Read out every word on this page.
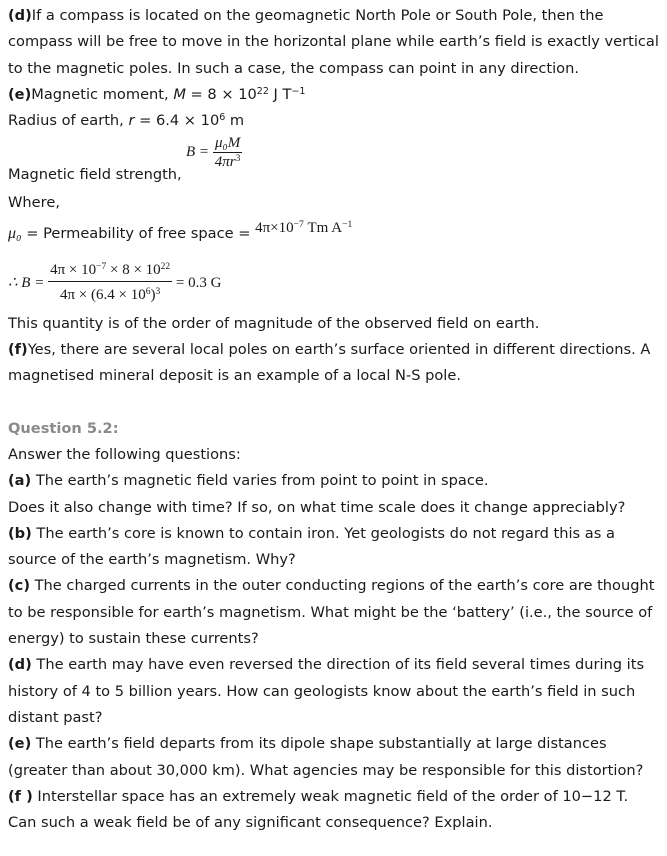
(d)If a compass is located on the geomagnetic North Pole or South Pole, then the
compass will be free to move in the horizontal plane while earth’s field is exactly vertical
to the magnetic poles. In such a case, the compass can point in any direction.
(e)Magnetic moment, $M = 8 \times 10^{22}$ J $T^{-1}$
Radius of earth, $r = 6.4 \times 10^6$ m
$B = \frac{\text{μ₀M}}{4\pi r^3}$
Magnetic field strength,
Where,
μ₀ = Permeability of free space = $4\pi\times 10^{-7}$ Tm $A^{-1}$
∴ $B = \frac{4\pi \times 10^{-7} \times 8 \times 10^{22}}{4\pi \times (6.4 \times 10^6)^3} = 0.3$ G
This quantity is of the order of magnitude of the observed field on earth.
(f)Yes, there are several local poles on earth’s surface oriented in different directions. A
magnetised mineral deposit is an example of a local N-S pole.
Question 5.2:
Answer the following questions:
(a) The earth’s magnetic field varies from point to point in space.
Does it also change with time? If so, on what time scale does it change appreciably?
(b) The earth’s core is known to contain iron. Yet geologists do not regard this as a
source of the earth’s magnetism. Why?
(c) The charged currents in the outer conducting regions of the earth’s core are thought
to be responsible for earth’s magnetism. What might be the ‘battery’ (i.e., the source of
energy) to sustain these currents?
(d) The earth may have even reversed the direction of its field several times during its
history of 4 to 5 billion years. How can geologists know about the earth’s field in such
distant past?
(e) The earth’s field departs from its dipole shape substantially at large distances
(greater than about 30,000 km). What agencies may be responsible for this distortion?
(f ) Interstellar space has an extremely weak magnetic field of the order of 10−12 T.
Can such a weak field be of any significant consequence? Explain.
